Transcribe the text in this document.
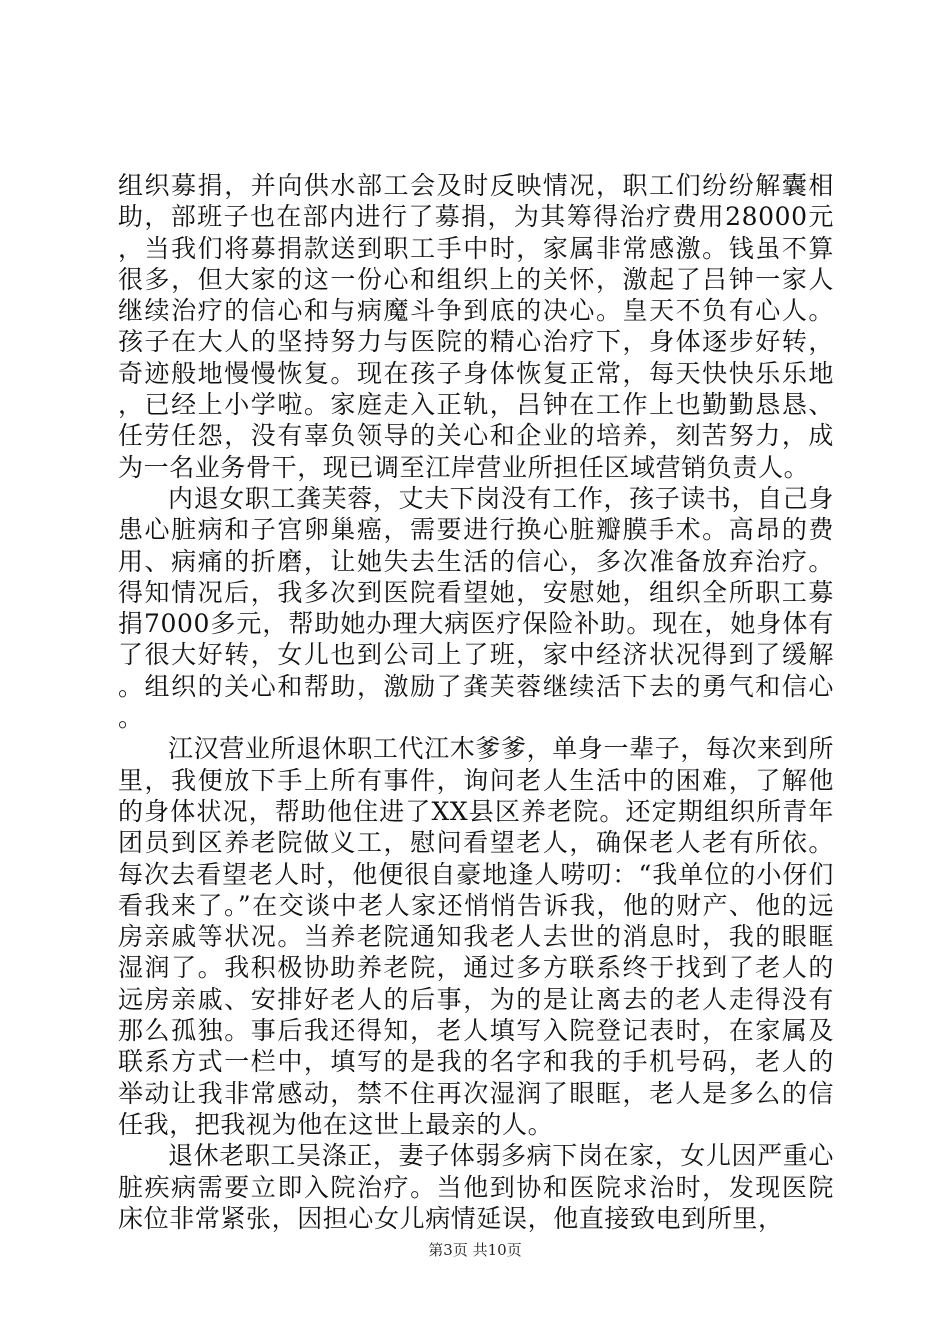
组织募捐，并向供水部工会及时反映情况，职工们纷纷解囊相助，部班子也在部内进行了募捐，为其筹得治疗费用28000元，当我们将募捐款送到职工手中时，家属非常感激。钱虽不算很多，但大家的这一份心和组织上的关怀，激起了吕钟一家人继续治疗的信心和与病魔斗争到底的决心。皇天不负有心人。孩子在大人的坚持努力与医院的精心治疗下，身体逐步好转，奇迹般地慢慢恢复。现在孩子身体恢复正常，每天快快乐乐地，已经上小学啦。家庭走入正轨，吕钟在工作上也勤勤恳恳、任劳任怨，没有辜负领导的关心和企业的培养，刻苦努力，成为一名业务骨干，现已调至江岸营业所担任区域营销负责人。

内退女职工龚芙蓉，丈夫下岗没有工作，孩子读书，自己身患心脏病和子宫卵巢癌，需要进行换心脏瓣膜手术。高昂的费用、病痛的折磨，让她失去生活的信心，多次准备放弃治疗。得知情况后，我多次到医院看望她，安慰她，组织全所职工募捐7000多元，帮助她办理大病医疗保险补助。现在，她身体有了很大好转，女儿也到公司上了班，家中经济状况得到了缓解。组织的关心和帮助，激励了龚芙蓉继续活下去的勇气和信心。

江汉营业所退休职工代江木爹爹，单身一辈子，每次来到所里，我便放下手上所有事件，询问老人生活中的困难，了解他的身体状况，帮助他住进了XX县区养老院。还定期组织所青年团员到区养老院做义工，慰问看望老人，确保老人老有所依。每次去看望老人时，他便很自豪地逢人唠叨：“我单位的小伢们看我来了。”在交谈中老人家还悄悄告诉我，他的财产、他的远房亲戚等状况。当养老院通知我老人去世的消息时，我的眼眶湿润了。我积极协助养老院，通过多方联系终于找到了老人的远房亲戚、安排好老人的后事，为的是让离去的老人走得没有那么孤独。事后我还得知，老人填写入院登记表时，在家属及联系方式一栏中，填写的是我的名字和我的手机号码，老人的举动让我非常感动，禁不住再次湿润了眼眶，老人是多么的信任我，把我视为他在这世上最亲的人。

退休老职工吴涤正，妻子体弱多病下岗在家，女儿因严重心脏疾病需要立即入院治疗。当他到协和医院求治时，发现医院床位非常紧张，因担心女儿病情延误，他直接致电到所里，

第3页 共10页
